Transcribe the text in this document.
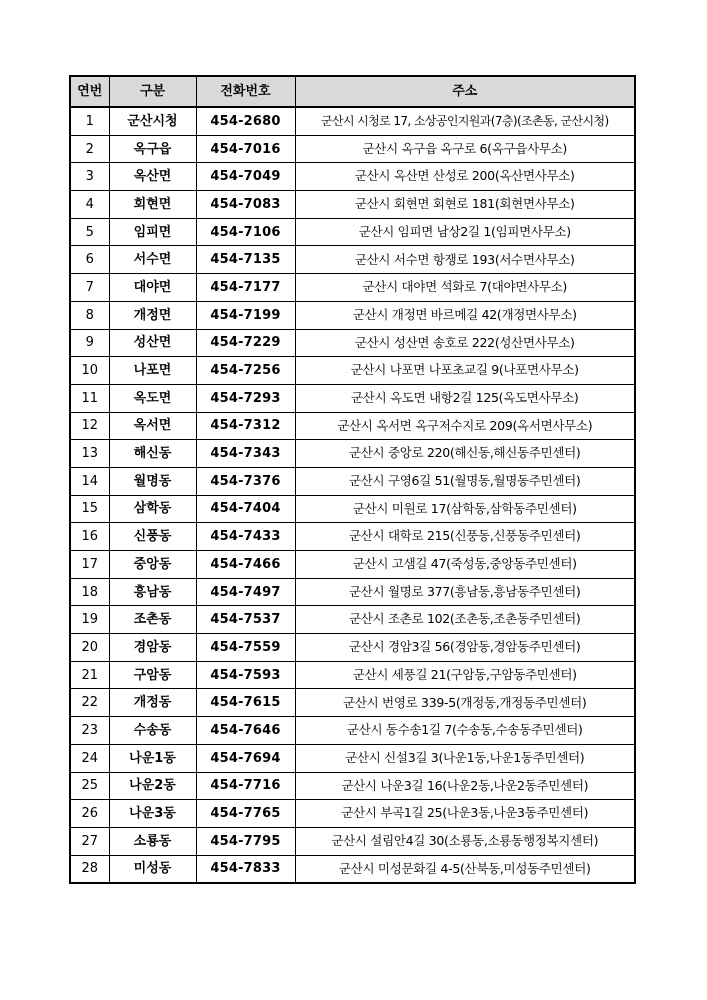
연번	구분	전화번호	주소
1	군산시청	454-2680	군산시 시청로 17, 소상공인지원과(7층)(조촌동, 군산시청)
2	옥구읍	454-7016	군산시 옥구읍 옥구로 6(옥구읍사무소)
3	옥산면	454-7049	군산시 옥산면 산성로 200(옥산면사무소)
4	회현면	454-7083	군산시 회현면 회현로 181(회현면사무소)
5	임피면	454-7106	군산시 임피면 남상2길 1(임피면사무소)
6	서수면	454-7135	군산시 서수면 항쟁로 193(서수면사무소)
7	대야면	454-7177	군산시 대야면 석화로 7(대야면사무소)
8	개정면	454-7199	군산시 개정면 바르메길 42(개정면사무소)
9	성산면	454-7229	군산시 성산면 송호로 222(성산면사무소)
10	나포면	454-7256	군산시 나포면 나포초교길 9(나포면사무소)
11	옥도면	454-7293	군산시 옥도면 내항2길 125(옥도면사무소)
12	옥서면	454-7312	군산시 옥서면 옥구저수지로 209(옥서면사무소)
13	해신동	454-7343	군산시 중앙로 220(해신동,해신동주민센터)
14	월명동	454-7376	군산시 구영6길 51(월명동,월명동주민센터)
15	삼학동	454-7404	군산시 미원로 17(삼학동,삼학동주민센터)
16	신풍동	454-7433	군산시 대학로 215(신풍동,신풍동주민센터)
17	중앙동	454-7466	군산시 고샘길 47(죽성동,중앙동주민센터)
18	흥남동	454-7497	군산시 월명로 377(흥남동,흥남동주민센터)
19	조촌동	454-7537	군산시 조촌로 102(조촌동,조촌동주민센터)
20	경암동	454-7559	군산시 경암3길 56(경암동,경암동주민센터)
21	구암동	454-7593	군산시 세풍길 21(구암동,구암동주민센터)
22	개정동	454-7615	군산시 번영로 339-5(개정동,개정동주민센터)
23	수송동	454-7646	군산시 동수송1길 7(수송동,수송동주민센터)
24	나운1동	454-7694	군산시 신설3길 3(나운1동,나운1동주민센터)
25	나운2동	454-7716	군산시 나운3길 16(나운2동,나운2동주민센터)
26	나운3동	454-7765	군산시 부곡1길 25(나운3동,나운3동주민센터)
27	소룡동	454-7795	군산시 설림안4길 30(소룡동,소룡동행정복지센터)
28	미성동	454-7833	군산시 미성문화길 4-5(산북동,미성동주민센터)
